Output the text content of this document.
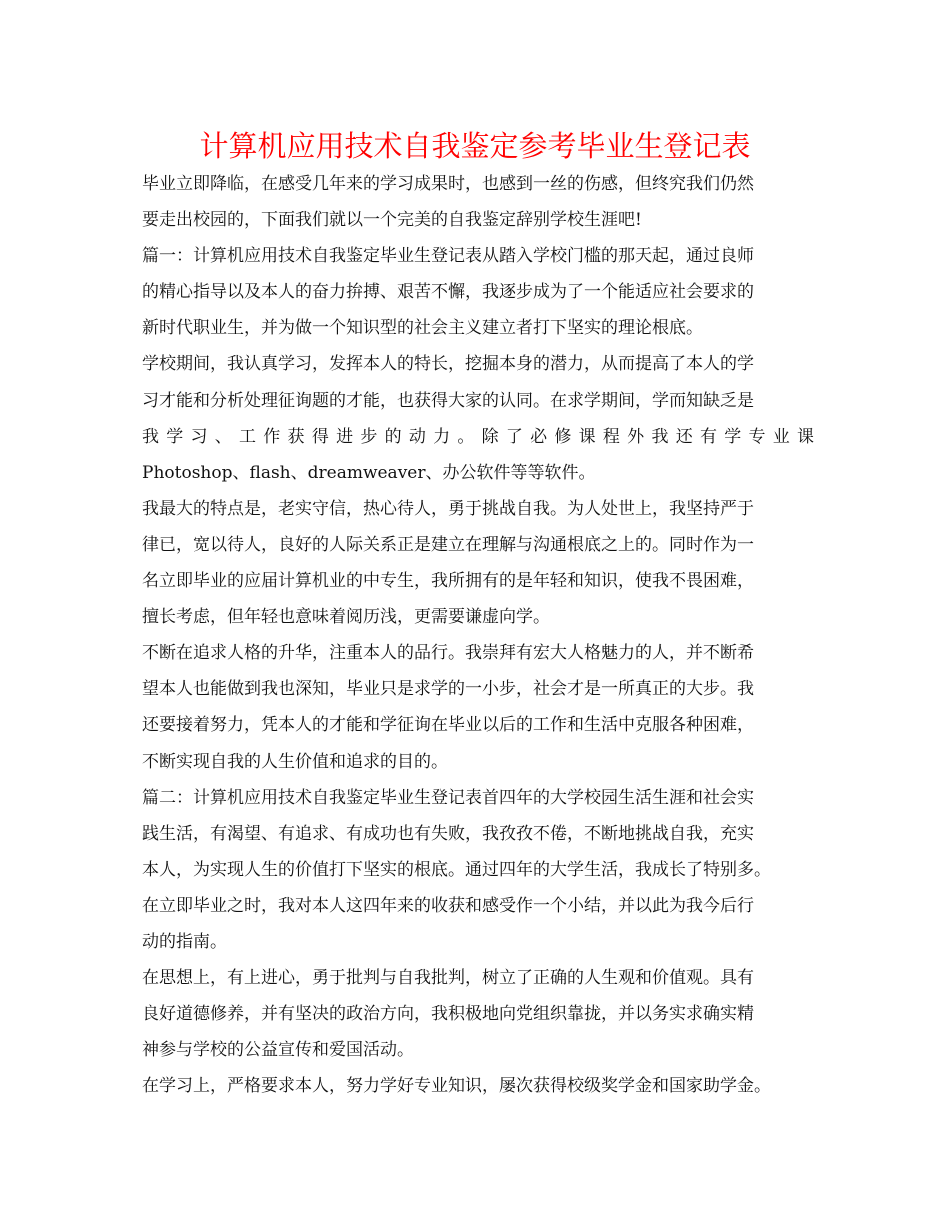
计算机应用技术自我鉴定参考毕业生登记表
毕业立即降临，在感受几年来的学习成果时，也感到一丝的伤感，但终究我们仍然
要走出校园的，下面我们就以一个完美的自我鉴定辞别学校生涯吧!
篇一：计算机应用技术自我鉴定毕业生登记表从踏入学校门槛的那天起，通过良师
的精心指导以及本人的奋力拚搏、艰苦不懈，我逐步成为了一个能适应社会要求的
新时代职业生，并为做一个知识型的社会主义建立者打下坚实的理论根底。
学校期间，我认真学习，发挥本人的特长，挖掘本身的潜力，从而提高了本人的学
习才能和分析处理征询题的才能，也获得大家的认同。在求学期间，学而知缺乏是
我学习、工作获得进步的动力。除了必修课程外我还有学专业课
Photoshop、flash、dreamweaver、办公软件等等软件。
我最大的特点是，老实守信，热心待人，勇于挑战自我。为人处世上，我坚持严于
律已，宽以待人，良好的人际关系正是建立在理解与沟通根底之上的。同时作为一
名立即毕业的应届计算机业的中专生，我所拥有的是年轻和知识，使我不畏困难，
擅长考虑，但年轻也意味着阅历浅，更需要谦虚向学。
不断在追求人格的升华，注重本人的品行。我崇拜有宏大人格魅力的人，并不断希
望本人也能做到我也深知，毕业只是求学的一小步，社会才是一所真正的大步。我
还要接着努力，凭本人的才能和学征询在毕业以后的工作和生活中克服各种困难，
不断实现自我的人生价值和追求的目的。
篇二：计算机应用技术自我鉴定毕业生登记表首四年的大学校园生活生涯和社会实
践生活，有渴望、有追求、有成功也有失败，我孜孜不倦，不断地挑战自我，充实
本人，为实现人生的价值打下坚实的根底。通过四年的大学生活，我成长了特别多。
在立即毕业之时，我对本人这四年来的收获和感受作一个小结，并以此为我今后行
动的指南。
在思想上，有上进心，勇于批判与自我批判，树立了正确的人生观和价值观。具有
良好道德修养，并有坚决的政治方向，我积极地向党组织靠拢，并以务实求确实精
神参与学校的公益宣传和爱国活动。
在学习上，严格要求本人，努力学好专业知识，屡次获得校级奖学金和国家助学金。
